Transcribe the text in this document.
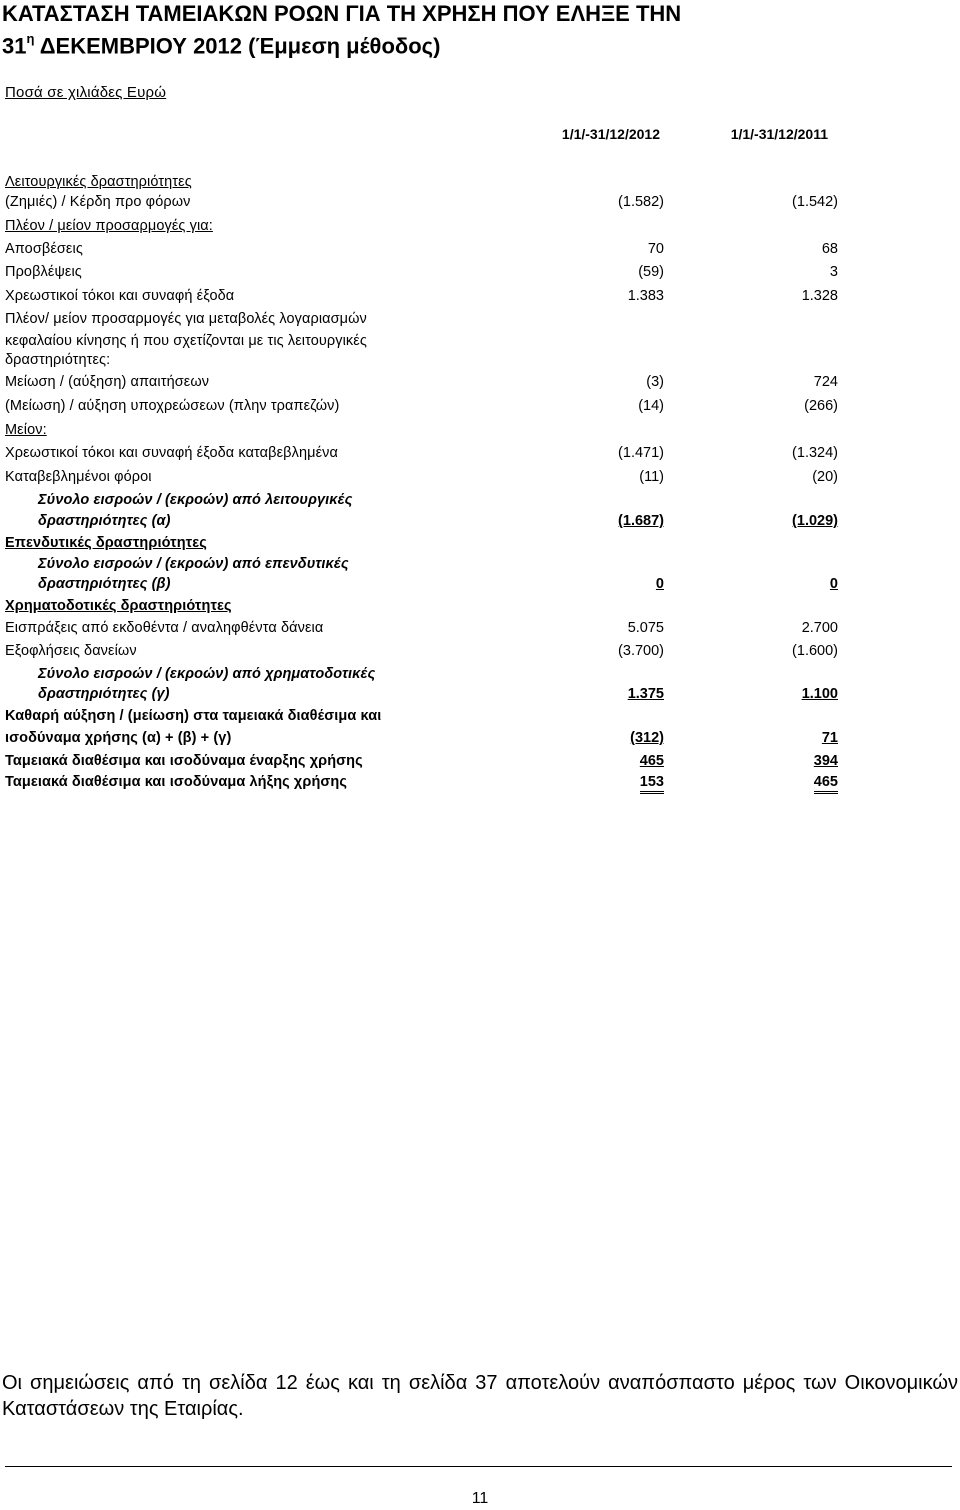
ΚΑΤΑΣΤΑΣΗ ΤΑΜΕΙΑΚΩΝ ΡΟΩΝ ΓΙΑ ΤΗ ΧΡΗΣΗ ΠΟΥ ΕΛΗΞΕ ΤΗΝ
$31^\eta$ ΔΕΚΕΜΒΡΙΟΥ 2012 (Έμμεση μέθοδος)
Ποσά σε χιλιάδες Ευρώ
1/1/-31/12/2012	1/1/-31/12/2011
Λειτουργικές δραστηριότητες
(Ζημιές) / Κέρδη προ φόρων	(1.582)	(1.542)
Πλέον / μείον προσαρμογές για:
Αποσβέσεις	70	68
Προβλέψεις	(59)	3
Χρεωστικοί τόκοι και συναφή έξοδα	1.383	1.328
Πλέον/ μείον προσαρμογές για μεταβολές λογαριασμών
κεφαλαίου κίνησης ή που σχετίζονται με τις λειτουργικές
δραστηριότητες:
Μείωση / (αύξηση) απαιτήσεων	(3)	724
(Μείωση) / αύξηση υποχρεώσεων (πλην τραπεζών)	(14)	(266)
Μείον:
Χρεωστικοί τόκοι και συναφή έξοδα καταβεβλημένα	(1.471)	(1.324)
Καταβεβλημένοι φόροι	(11)	(20)
Σύνολο εισροών / (εκροών) από λειτουργικές
δραστηριότητες (α)	(1.687)	(1.029)
Επενδυτικές δραστηριότητες
Σύνολο εισροών / (εκροών) από επενδυτικές
δραστηριότητες (β)	0	0
Χρηματοδοτικές δραστηριότητες
Εισπράξεις από εκδοθέντα / αναληφθέντα δάνεια	5.075	2.700
Εξοφλήσεις δανείων	(3.700)	(1.600)
Σύνολο εισροών / (εκροών) από χρηματοδοτικές
δραστηριότητες (γ)	1.375	1.100
Καθαρή αύξηση / (μείωση) στα ταμειακά διαθέσιμα και
ισοδύναμα χρήσης (α) + (β) + (γ)	(312)	71
Ταμειακά διαθέσιμα και ισοδύναμα έναρξης χρήσης	465	394
Ταμειακά διαθέσιμα και ισοδύναμα λήξης χρήσης	153	465
Οι σημειώσεις από τη σελίδα 12 έως και τη σελίδα 37 αποτελούν αναπόσπαστο μέρος των Οικονομικών Καταστάσεων της Εταιρίας.
11
